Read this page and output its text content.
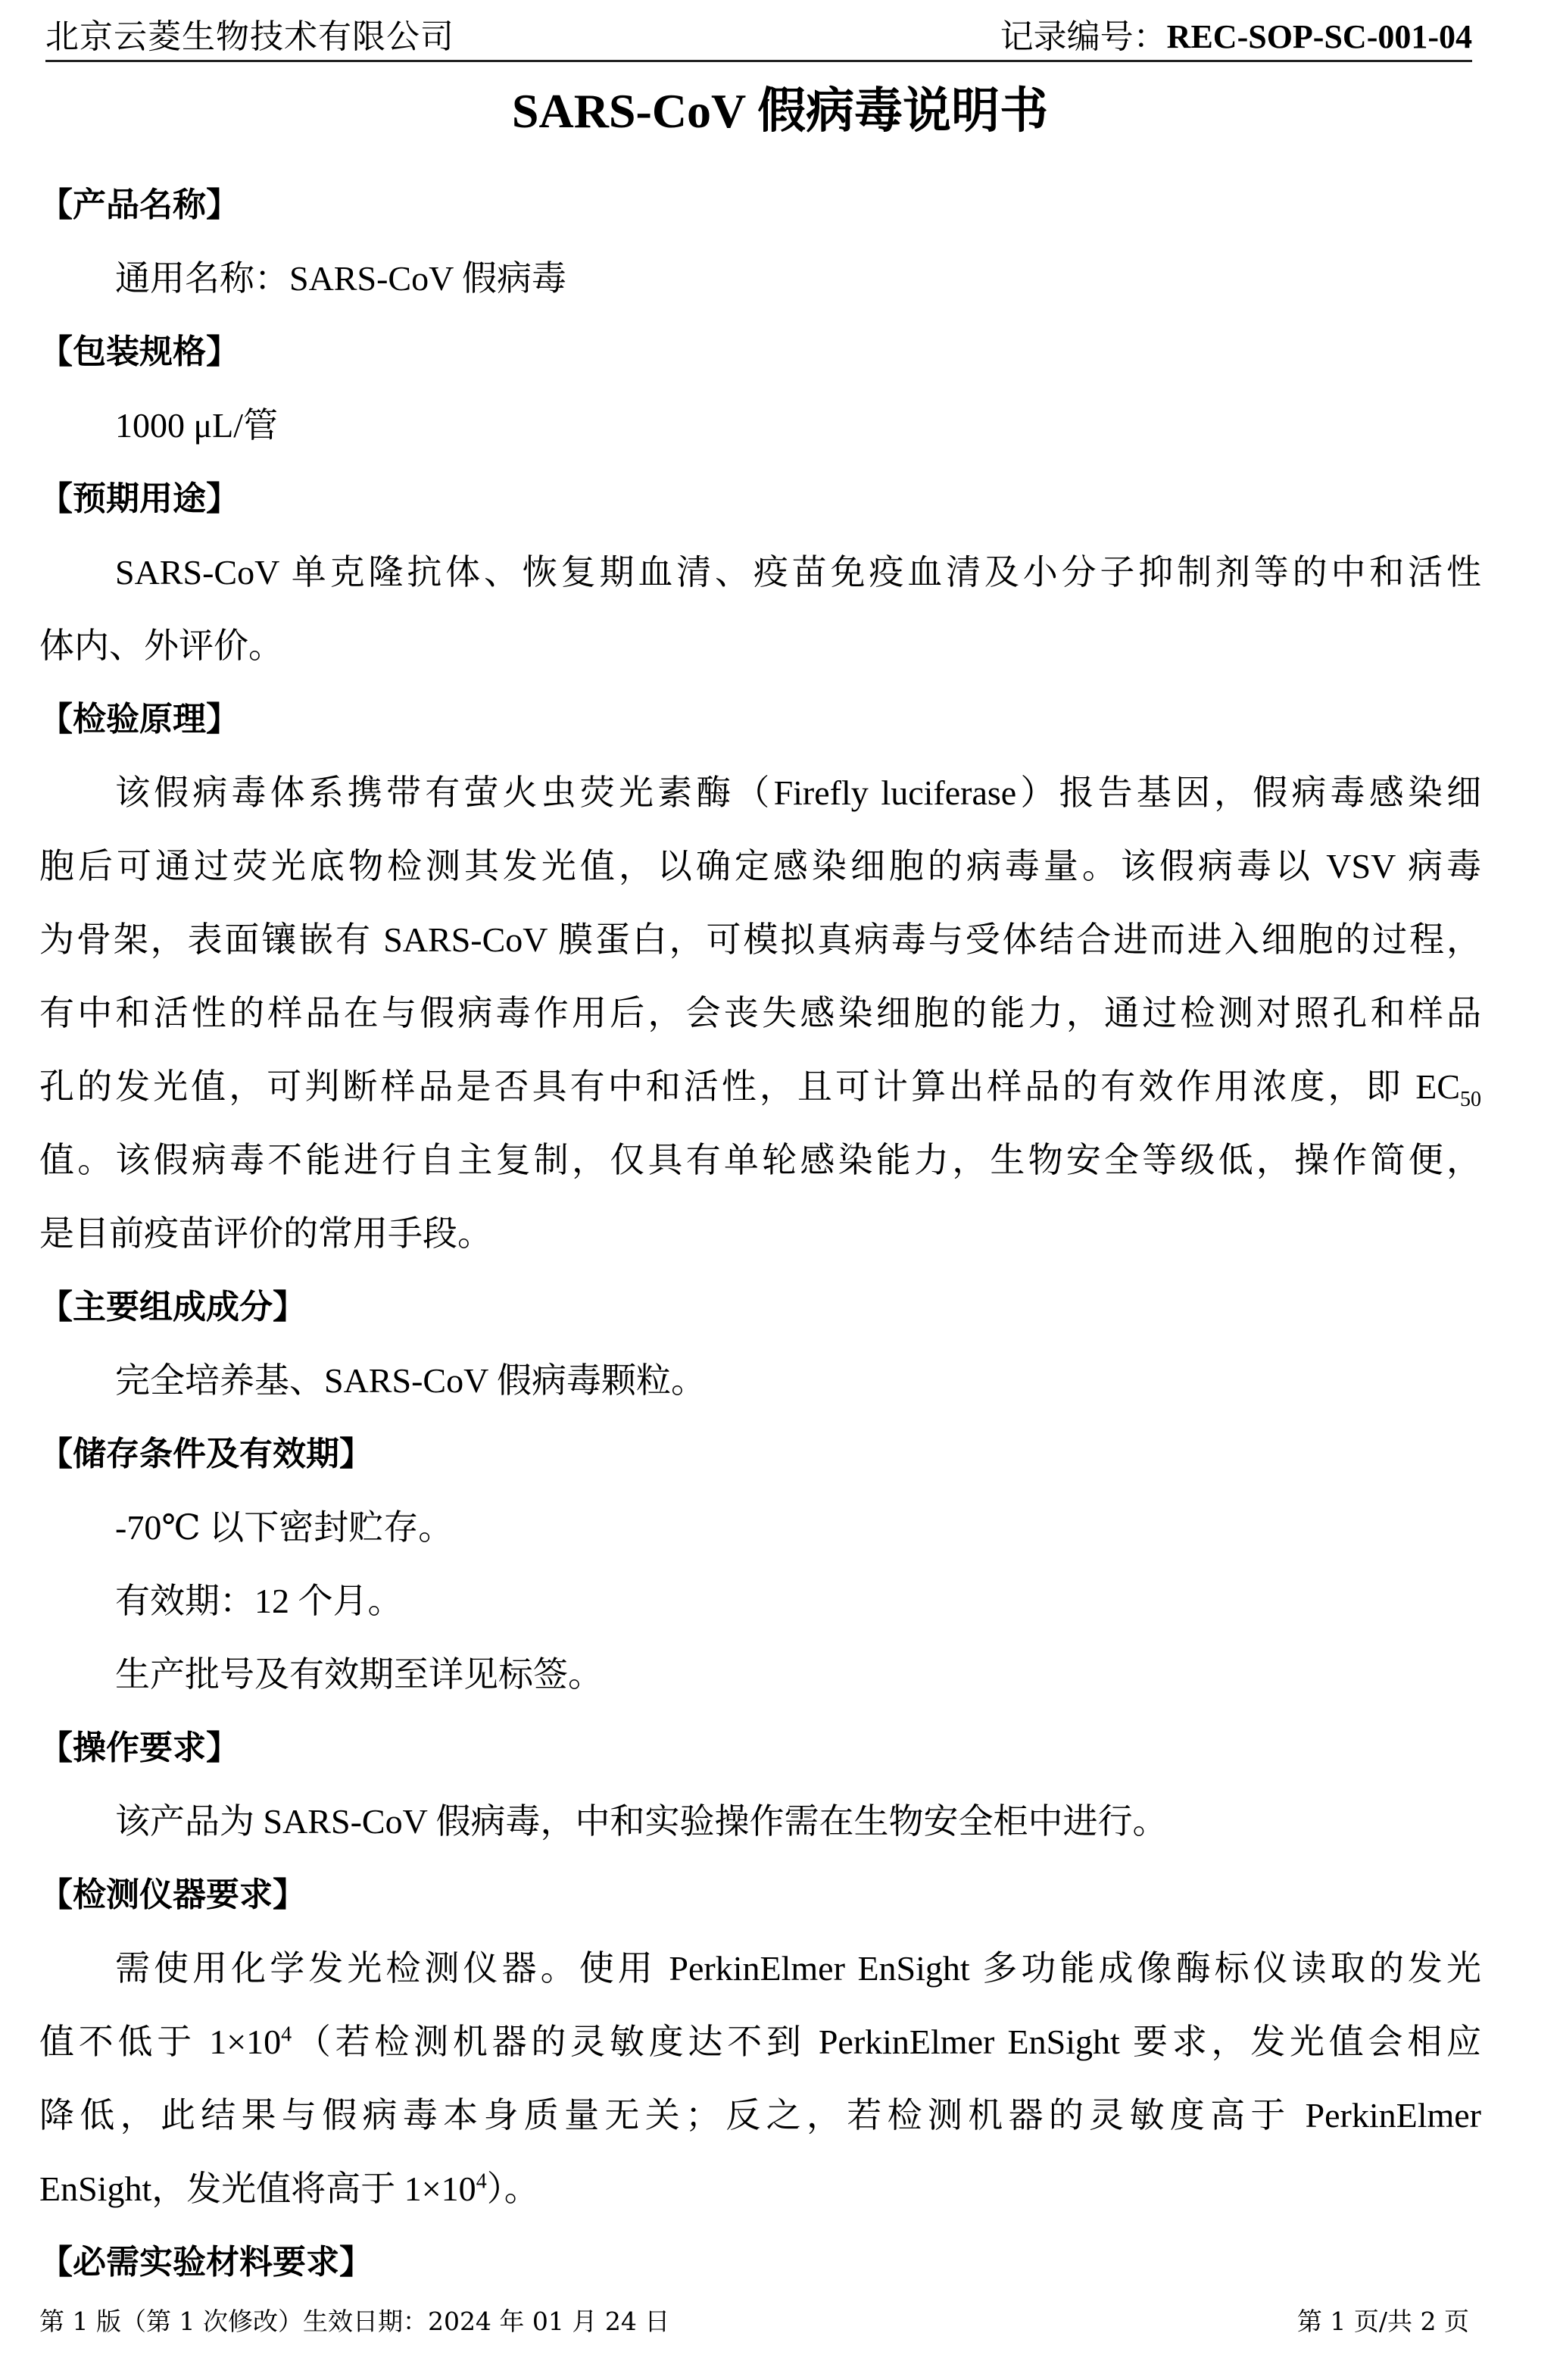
北京云菱生物技术有限公司	记录编号：REC-SOP-SC-001-04
SARS-CoV 假病毒说明书
【产品名称】
通用名称：SARS-CoV 假病毒
【包装规格】
1000 μL/管
【预期用途】
SARS-CoV 单克隆抗体、恢复期血清、疫苗免疫血清及小分子抑制剂等的中和活性
体内、外评价。
【检验原理】
该假病毒体系携带有萤火虫荧光素酶（Firefly luciferase）报告基因，假病毒感染细
胞后可通过荧光底物检测其发光值，以确定感染细胞的病毒量。该假病毒以 VSV 病毒
为骨架，表面镶嵌有 SARS-CoV 膜蛋白，可模拟真病毒与受体结合进而进入细胞的过程，
有中和活性的样品在与假病毒作用后，会丧失感染细胞的能力，通过检测对照孔和样品
孔的发光值，可判断样品是否具有中和活性，且可计算出样品的有效作用浓度，即 $EC_{50}$
值。该假病毒不能进行自主复制，仅具有单轮感染能力，生物安全等级低，操作简便，
是目前疫苗评价的常用手段。
【主要组成成分】
完全培养基、SARS-CoV 假病毒颗粒。
【储存条件及有效期】
-70℃ 以下密封贮存。
有效期：12 个月。
生产批号及有效期至详见标签。
【操作要求】
该产品为 SARS-CoV 假病毒，中和实验操作需在生物安全柜中进行。
【检测仪器要求】
需使用化学发光检测仪器。使用 PerkinElmer EnSight 多功能成像酶标仪读取的发光
值不低于 $1\times 10^4$（若检测机器的灵敏度达不到 PerkinElmer EnSight 要求，发光值会相应
降低，此结果与假病毒本身质量无关；反之，若检测机器的灵敏度高于 PerkinElmer
EnSight，发光值将高于 $1\times 10^4$）。
【必需实验材料要求】
第 1 版（第 1 次修改）生效日期：2024 年 01 月 24 日	第 1 页/共 2 页
